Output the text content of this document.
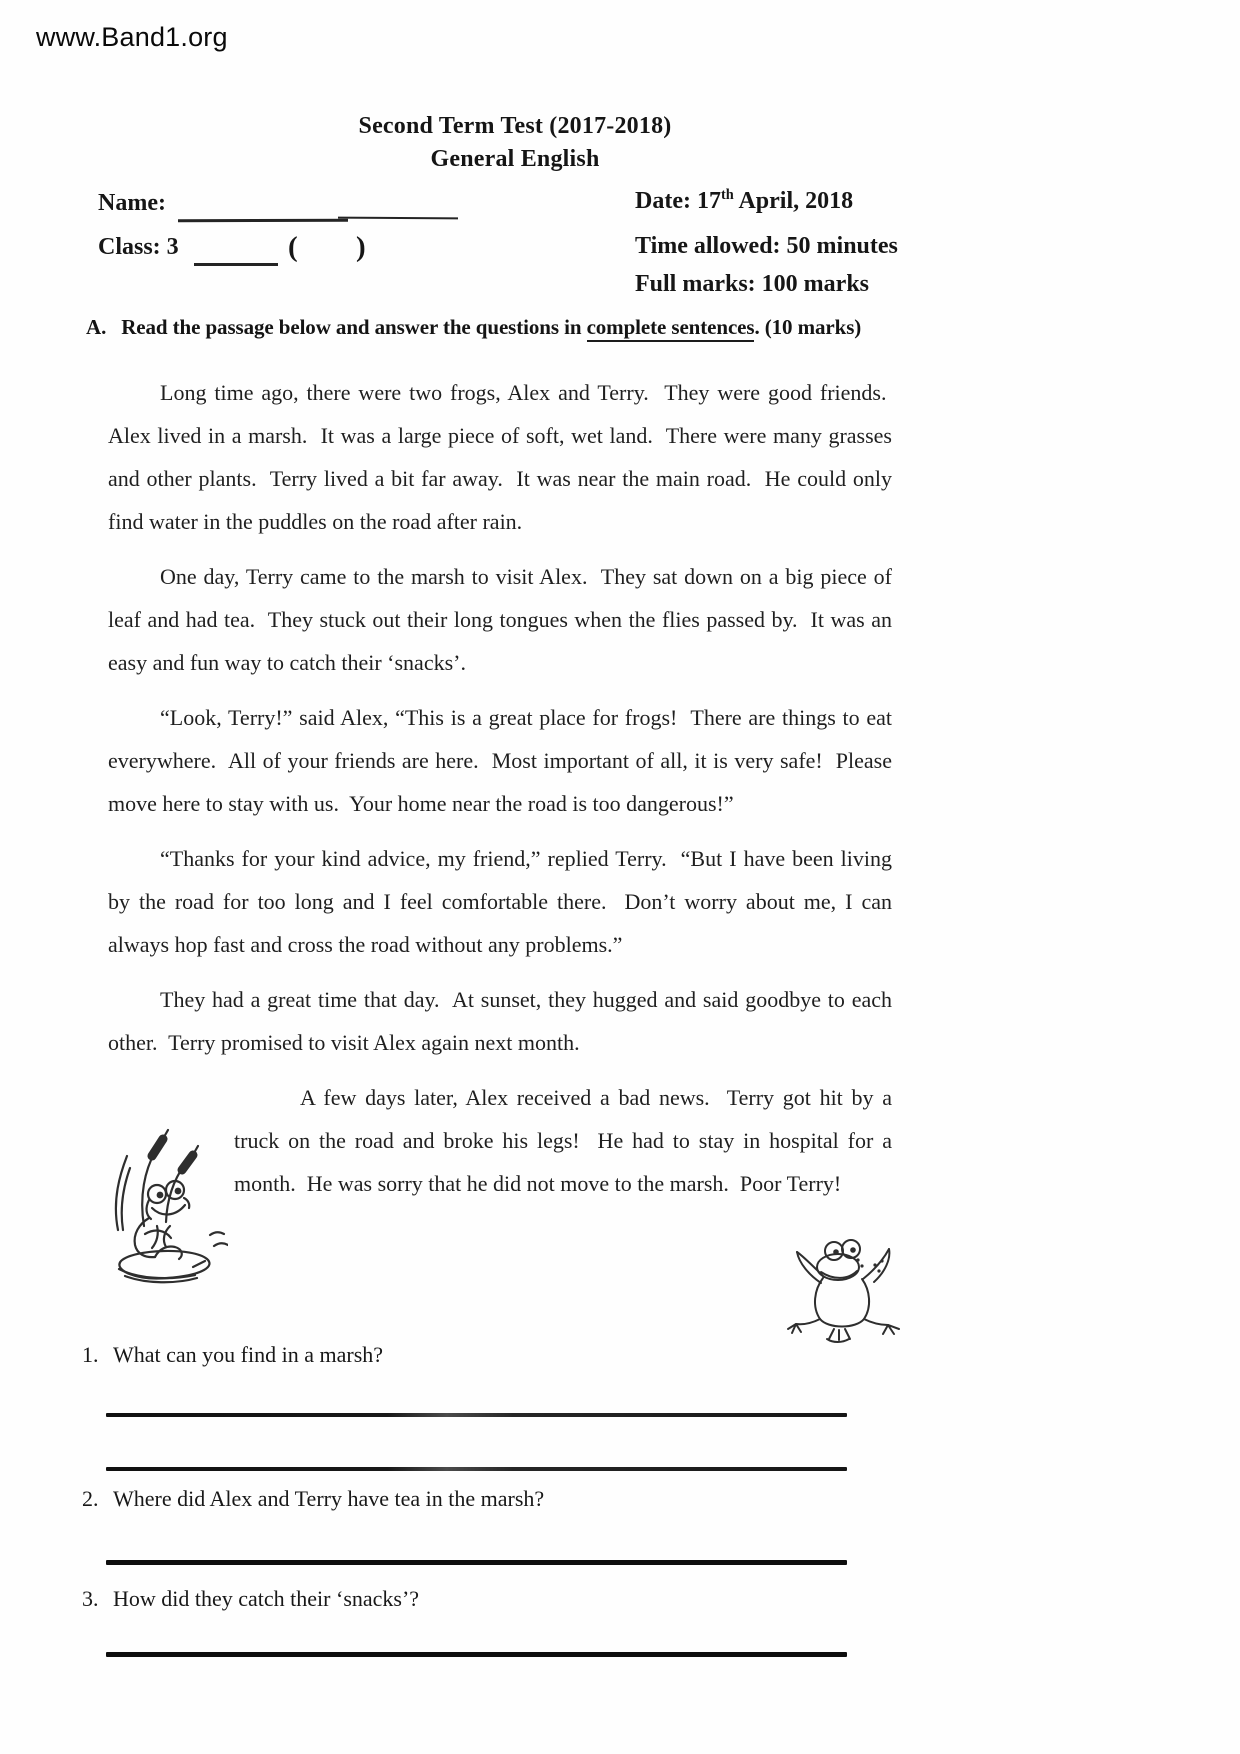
www.Band1.org
Second Term Test (2017-2018)
General English
Name:
Class: 3	( )
Date: 17th April, 2018
Time allowed: 50 minutes
Full marks: 100 marks
A. Read the passage below and answer the questions in complete sentences. (10 marks)

Long time ago, there were two frogs, Alex and Terry.  They were good friends.  Alex lived in a marsh.  It was a large piece of soft, wet land.  There were many grasses and other plants.  Terry lived a bit far away.  It was near the main road.  He could only find water in the puddles on the road after rain.

One day, Terry came to the marsh to visit Alex.  They sat down on a big piece of leaf and had tea.  They stuck out their long tongues when the flies passed by.  It was an easy and fun way to catch their ‘snacks’.

“Look, Terry!” said Alex, “This is a great place for frogs!  There are things to eat everywhere.  All of your friends are here.  Most important of all, it is very safe!  Please move here to stay with us.  Your home near the road is too dangerous!”

“Thanks for your kind advice, my friend,” replied Terry.  “But I have been living by the road for too long and I feel comfortable there.  Don’t worry about me, I can always hop fast and cross the road without any problems.”

They had a great time that day.  At sunset, they hugged and said goodbye to each other.  Terry promised to visit Alex again next month.

A few days later, Alex received a bad news.  Terry got hit by a truck on the road and broke his legs!  He had to stay in hospital for a month.  He was sorry that he did not move to the marsh.  Poor Terry!

1. What can you find in a marsh?
2. Where did Alex and Terry have tea in the marsh?
3. How did they catch their ‘snacks’?
